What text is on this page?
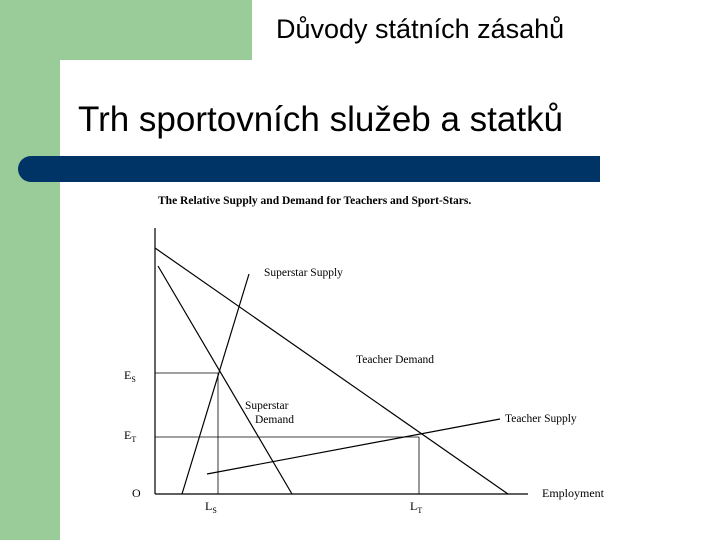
Důvody státních zásahů
Trh sportovních služeb a statků
The Relative Supply and Demand for Teachers and Sport-Stars.
Superstar Supply
Teacher Demand
Superstar
Demand	Teacher Supply
$E_S$
$E_T$
O
$L_S$	$L_T$
Employment
